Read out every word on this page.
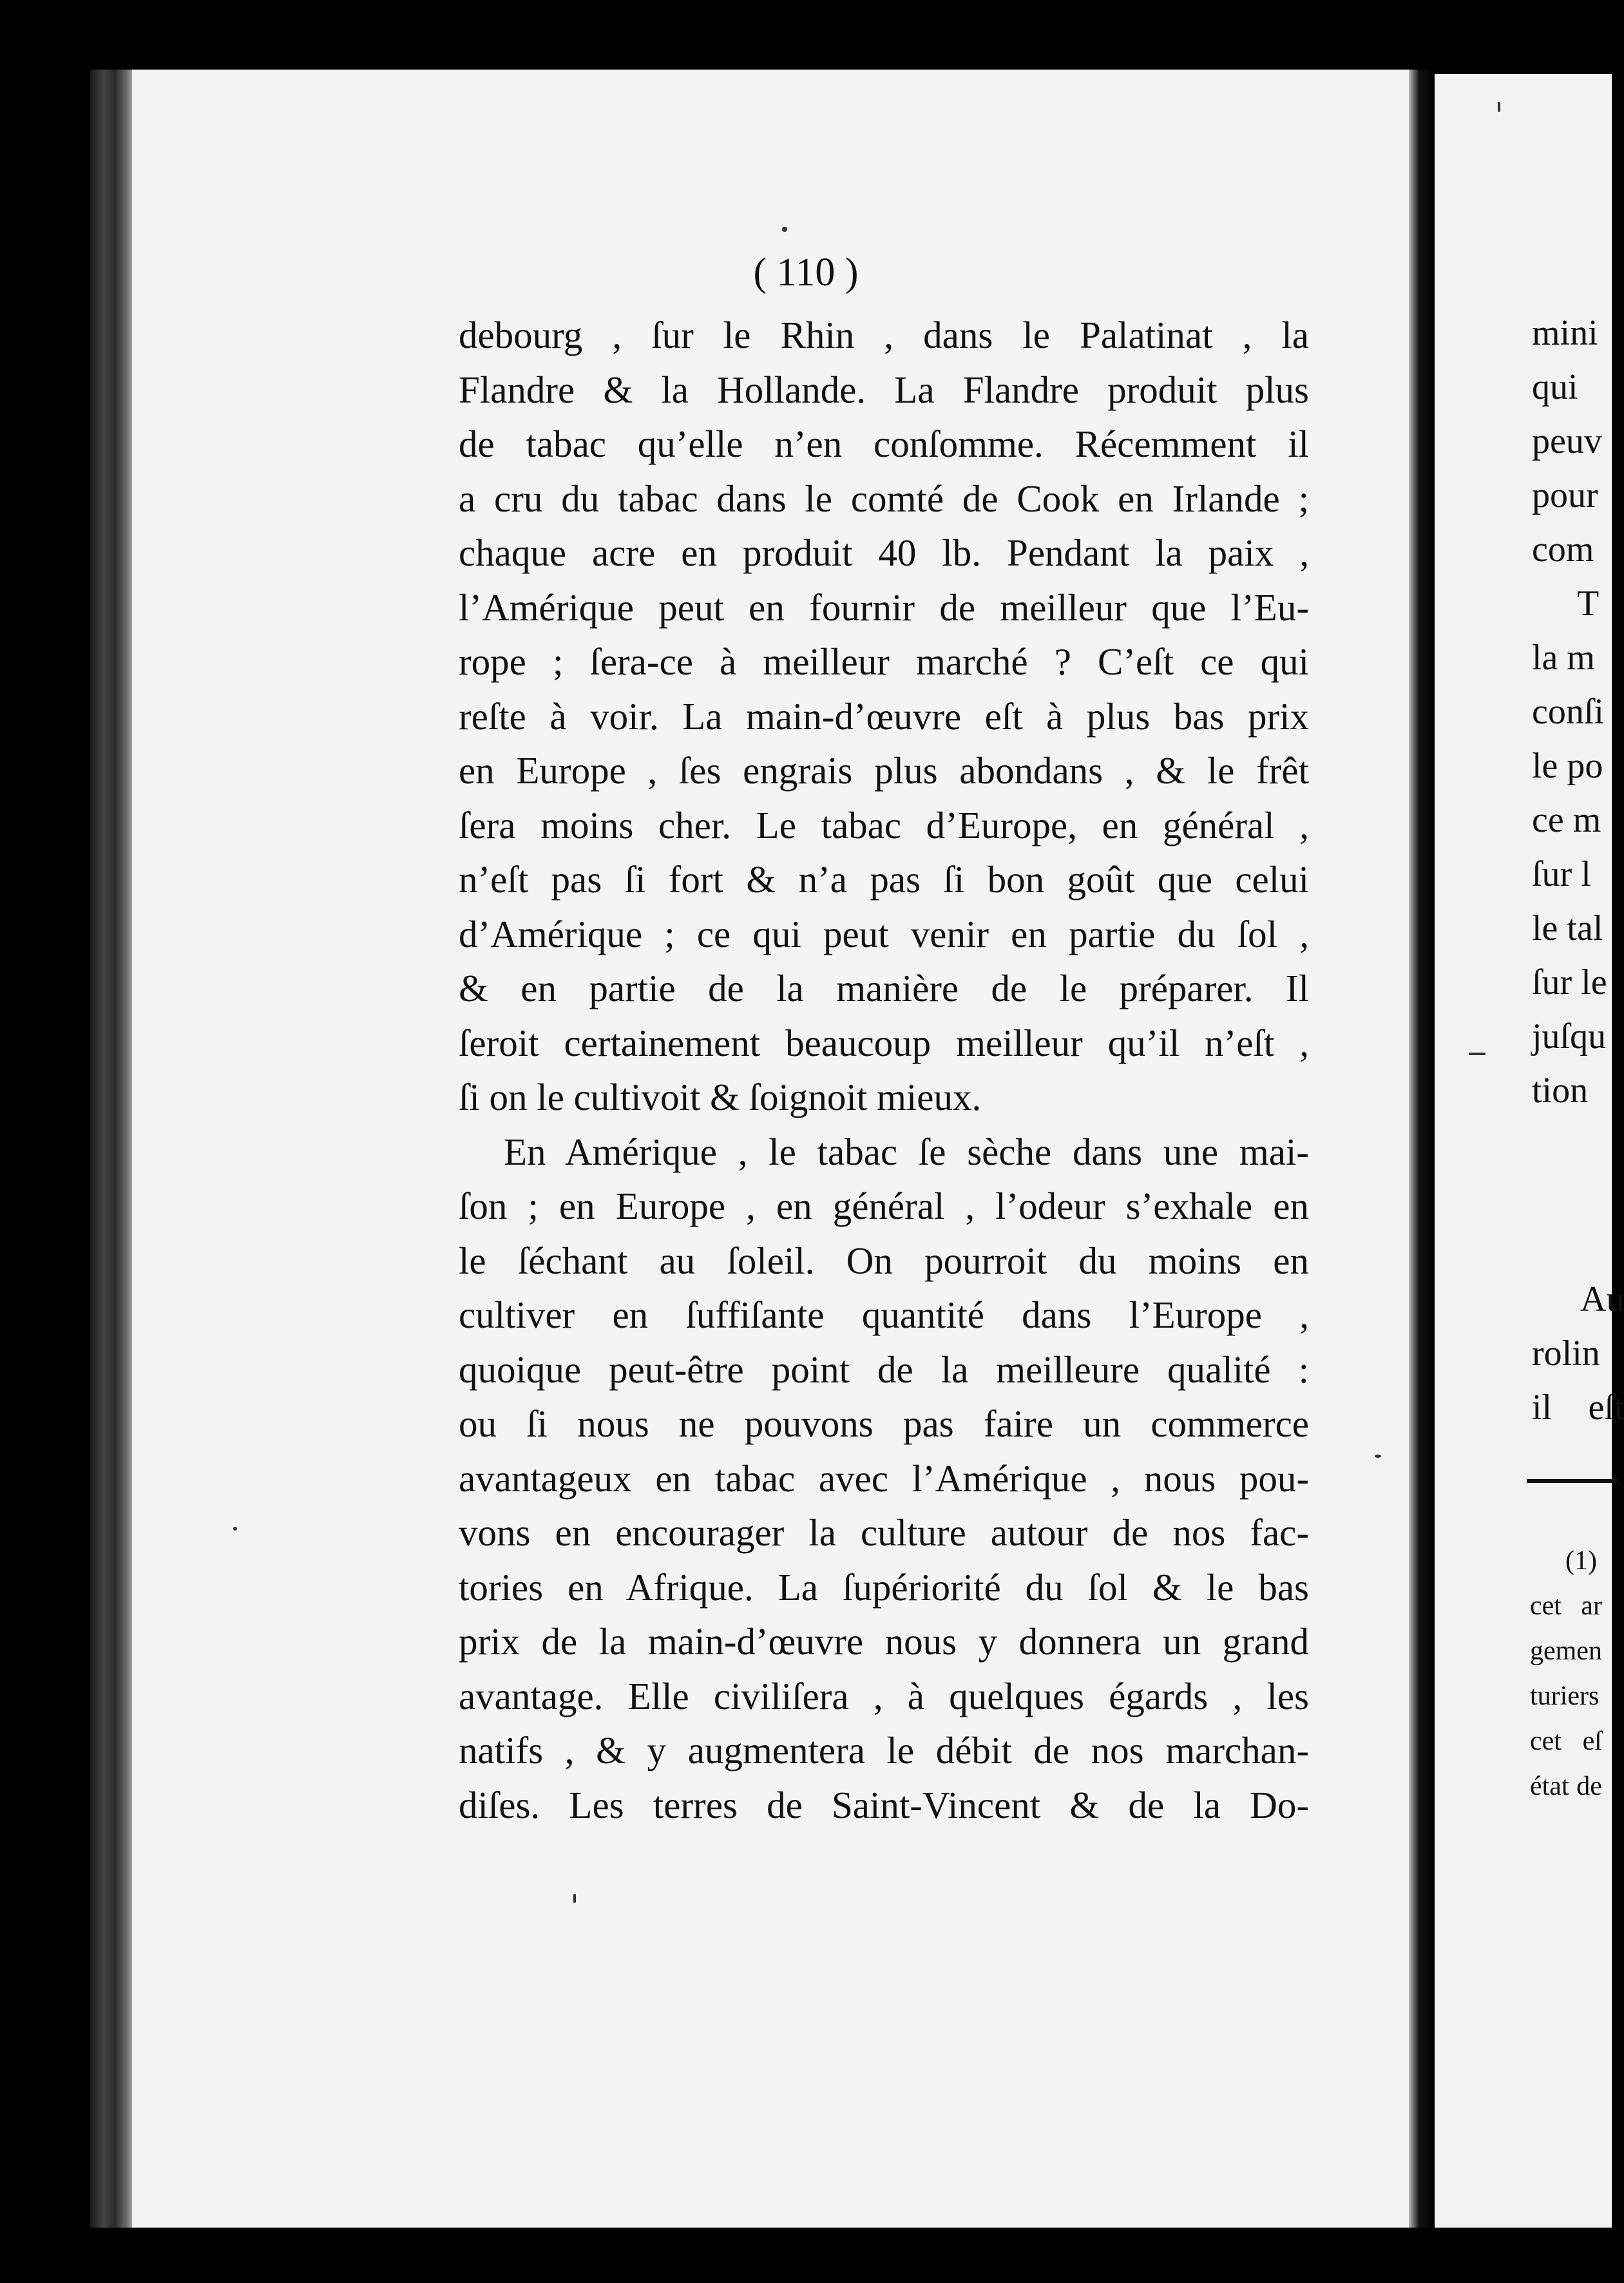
( 110 )
debourg , ſur le Rhin , dans le Palatinat , la
Flandre & la Hollande. La Flandre produit plus
de tabac qu’elle n’en conſomme. Récemment il
a cru du tabac dans le comté de Cook en Irlande ;
chaque acre en produit 40 lb. Pendant la paix ,
l’Amérique peut en fournir de meilleur que l’Eu-
rope ; ſera-ce à meilleur marché ? C’eſt ce qui
reſte à voir. La main-d’œuvre eſt à plus bas prix
en Europe , ſes engrais plus abondans , & le frêt
ſera moins cher. Le tabac d’Europe, en général ,
n’eſt pas ſi fort & n’a pas ſi bon goût que celui
d’Amérique ; ce qui peut venir en partie du ſol ,
& en partie de la manière de le préparer. Il
ſeroit certainement beaucoup meilleur qu’il n’eſt ,
ſi on le cultivoit & ſoignoit mieux.
En Amérique , le tabac ſe sèche dans une mai-
ſon ; en Europe , en général , l’odeur s’exhale en
le ſéchant au ſoleil. On pourroit du moins en
cultiver en ſuffiſante quantité dans l’Europe ,
quoique peut-être point de la meilleure qualité :
ou ſi nous ne pouvons pas faire un commerce
avantageux en tabac avec l’Amérique , nous pou-
vons en encourager la culture autour de nos fac-
tories en Afrique. La ſupériorité du ſol & le bas
prix de la main-d’œuvre nous y donnera un grand
avantage. Elle civiliſera , à quelques égards , les
natifs , & y augmentera le débit de nos marchan-
diſes. Les terres de Saint-Vincent & de la Do-
mini
qui
peuv
pour
com
T
la m
conſi
le po
ce m
ſur l
le tal
ſur le
juſqu
tion
Au
rolin
il eſt
(1)
cet ar
gemen
turiers
cet eſ
état de
